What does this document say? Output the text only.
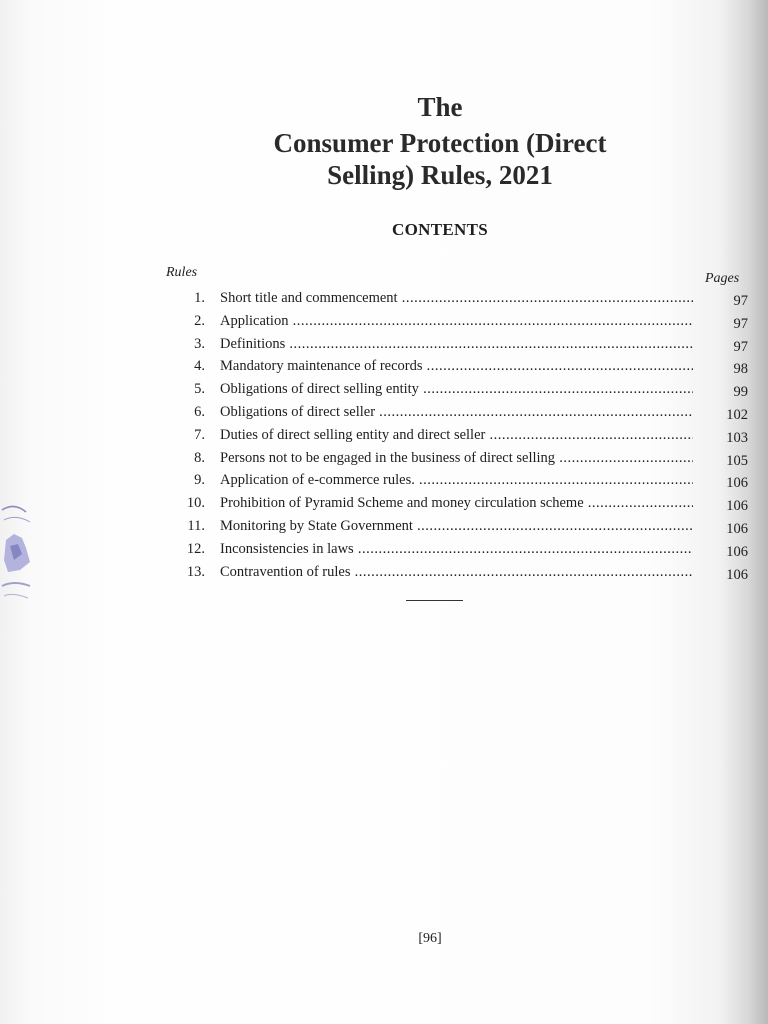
The
Consumer Protection (Direct
Selling) Rules, 2021
CONTENTS
Rules	Pages
1. Short title and commencement .....	97
2. Application .....	97
3. Definitions .....	97
4. Mandatory maintenance of records .....	98
5. Obligations of direct selling entity .....	99
6. Obligations of direct seller .....	102
7. Duties of direct selling entity and direct seller .....	103
8. Persons not to be engaged in the business of direct selling .....	105
9. Application of e-commerce rules. .....	106
10. Prohibition of Pyramid Scheme and money circulation scheme .....	106
11. Monitoring by State Government .....	106
12. Inconsistencies in laws .....	106
13. Contravention of rules .....	106
[96]
